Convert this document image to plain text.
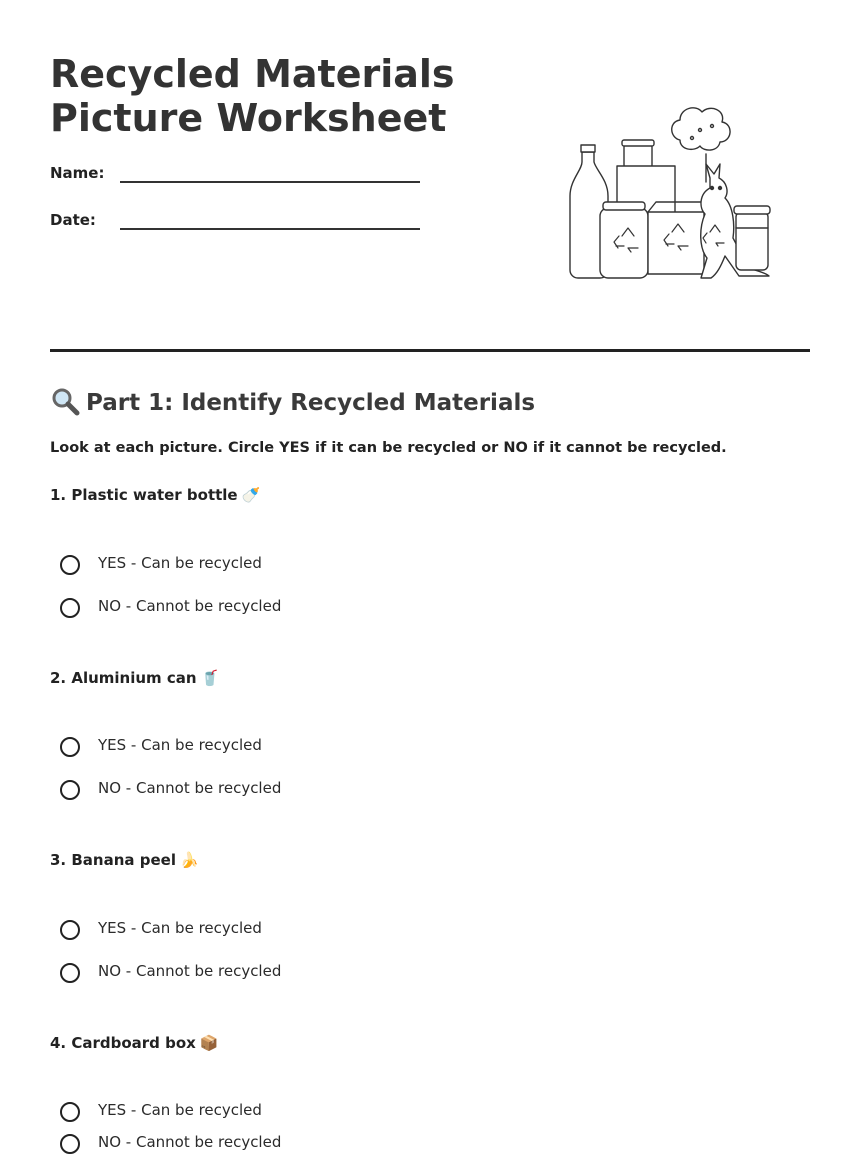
Recycled Materials
Picture Worksheet
Name:
Date:
Part 1: Identify Recycled Materials
Look at each picture. Circle YES if it can be recycled or NO if it cannot be recycled.
1. Plastic water bottle 🍼
YES - Can be recycled
NO - Cannot be recycled
2. Aluminium can 🥤
YES - Can be recycled
NO - Cannot be recycled
3. Banana peel 🍌
YES - Can be recycled
NO - Cannot be recycled
4. Cardboard box 📦
YES - Can be recycled
NO - Cannot be recycled
